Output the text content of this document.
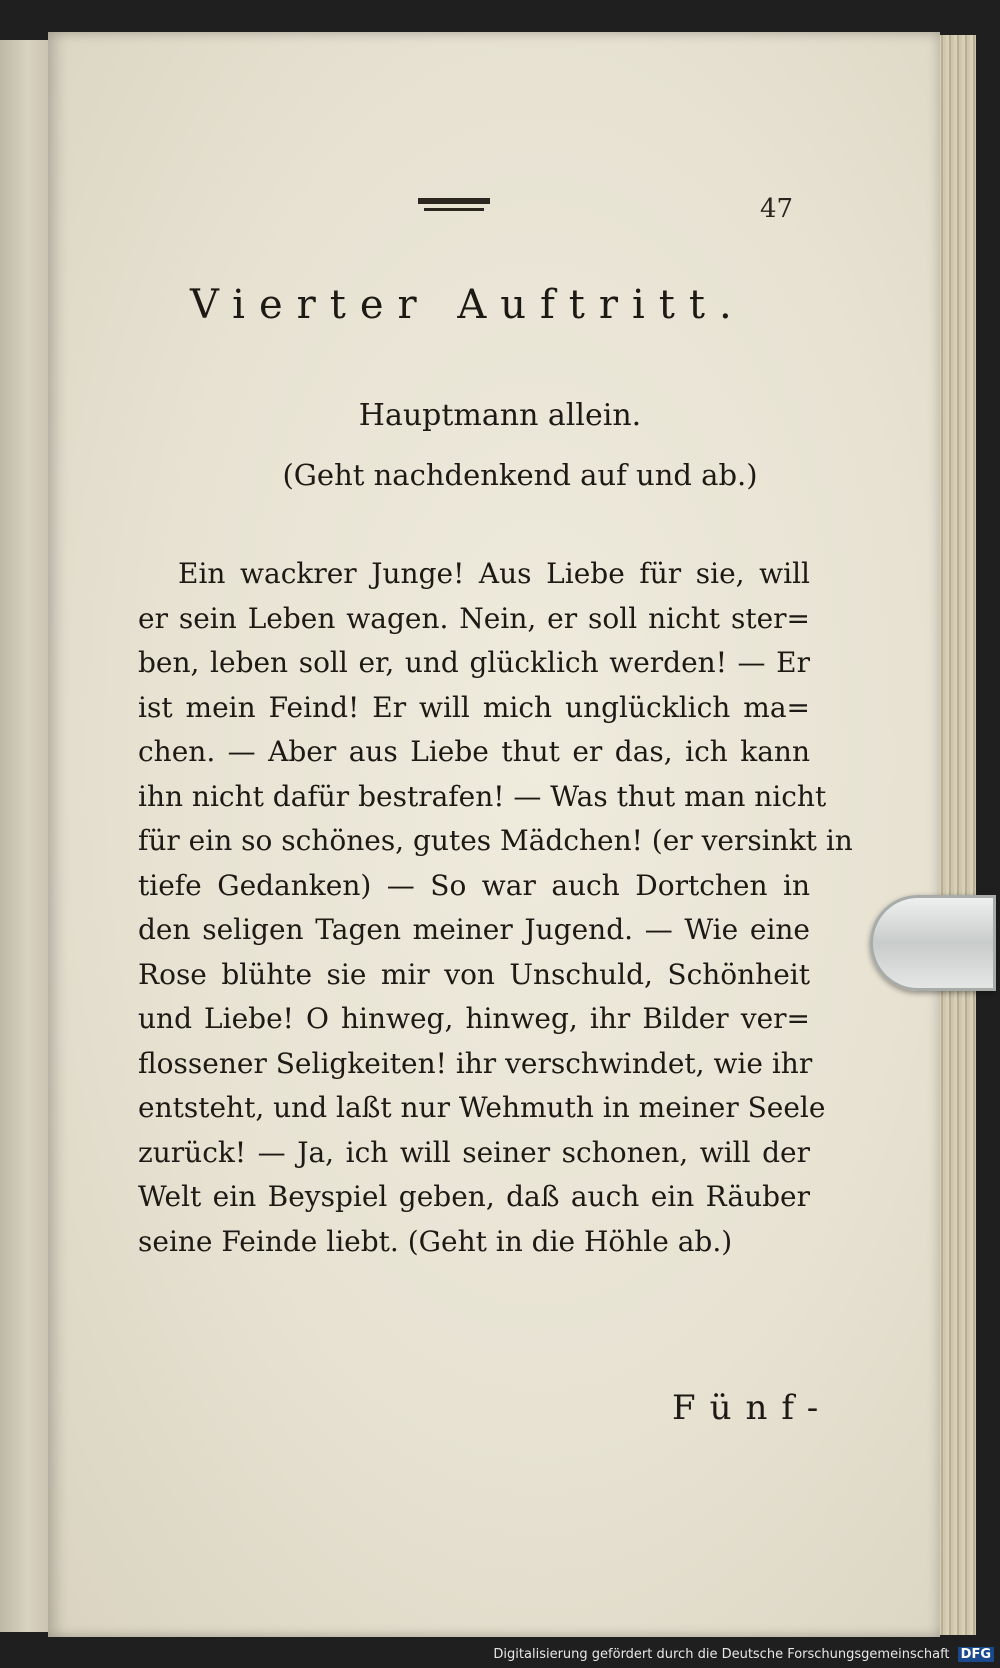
47
Vierter Auftritt.
Hauptmann allein.
(Geht nachdenkend auf und ab.)
Ein wackrer Junge! Aus Liebe für sie, will
er sein Leben wagen. Nein, er soll nicht ster=
ben, leben soll er, und glücklich werden! — Er
ist mein Feind! Er will mich unglücklich ma=
chen. — Aber aus Liebe thut er das, ich kann
ihn nicht dafür bestrafen! — Was thut man nicht
für ein so schönes, gutes Mädchen! (er versinkt in
tiefe Gedanken) — So war auch Dortchen in
den seligen Tagen meiner Jugend. — Wie eine
Rose blühte sie mir von Unschuld, Schönheit
und Liebe! O hinweg, hinweg, ihr Bilder ver=
flossener Seligkeiten! ihr verschwindet, wie ihr
entsteht, und laßt nur Wehmuth in meiner Seele
zurück! — Ja, ich will seiner schonen, will der
Welt ein Beyspiel geben, daß auch ein Räuber
seine Feinde liebt. (Geht in die Höhle ab.)
Fünf-
Digitalisierung gefördert durch die Deutsche Forschungsgemeinschaft DFG
